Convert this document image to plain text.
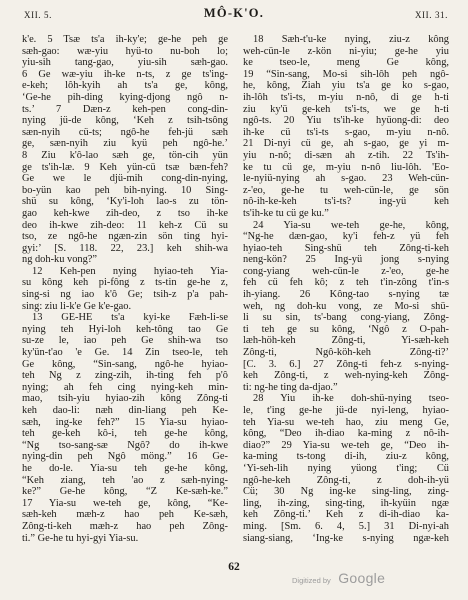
XII. 5.	MÔ-K'O.	XII. 31.
k'e. 5 Tsæ ts'a ih-ky'e; ge-he peh ge
sæh-gao: wæ-yiu hyü-to nu-boh lo;
yiu-sih tang-gao, yiu-sih sæh-gao.
6 Ge wæ-yiu ih-ke n-ts, z ge ts'ing-
e-keh; lôh-kyih ah ts'a ge, kông,
‘Ge-he pih-ding kying-djong ngô n-
ts.’ 7 Dæn-z keh-pen cong-din-
nying jü-de kông, ‘Keh z tsih-tsông
sæn-nyih cü-ts; ngô-he feh-jü sæh
ge, sæn-nyih ziu kyü peh ngô-he.’
8 Ziu k'ô-lao sæh ge, tön-cih yün
ge ts'ih-læ. 9 Keh yün-cü tsæ bæn-feh?
Ge we le djü-mih cong-din-nying,
bo-yün kao peh bih-nying. 10 Sing-
shü su kông, ‘Ky'i-loh lao-s zu tön-
gao keh-kwe zih-deo, z tso ih-ke
deo ih-kwe zih-deo: 11 keh-z Cü su
tso, ze ngô-he ngæn-zin sön ting hyi-
gyi:’ [S. 118. 22, 23.] keh shih-wa
ng doh-ku vong?”
12 Keh-pen nying hyiao-teh Yia-
su kông keh pi-fông z ts-tin ge-he z,
sing-si ng iao k'ô Ge; tsih-z p'a pah-
sing: ziu li-k'e Ge k'e-gao.
13 GE-HE ts'a kyi-ke Fæh-li-se
nying teh Hyi-loh keh-tông tao Ge
su-ze le, iao peh Ge shih-wa tso
ky'ün-t'ao 'e Ge. 14 Zin tseo-le, teh
Ge kông, “Sin-sang, ngô-he hyiao-
teh Ng z zing-zih, ih-ting feh p'ô
nying; ah feh cing nying-keh min-
mao, tsih-yiu hyiao-zih kông Zông-ti
keh dao-li: næh din-liang peh Ke-
sæh, ing-ke feh?” 15 Yia-su hyiao-
teh ge-keh kô-i, teh ge-he kông,
“Ng tso-sang-sæ Ngô? do ih-kwe
nying-din peh Ngô möng.” 16 Ge-
he do-le. Yia-su teh ge-he kông,
“Keh ziang, teh 'ao z sæh-nying-
ke?” Ge-he kông, “Z Ke-sæh-ke.”
17 Yia-su we-teh ge, kông, “Ke-
sæh-keh mæh-z hao peh Ke-sæh,
Zông-ti-keh mæh-z hao peh Zông-
ti.” Ge-he tu hyi-gyi Yia-su.
18 Sæh-t'u-ke nying, ziu-z kông
weh-cün-le z-kön ni-yiu; ge-he yiu
ke tseo-le, meng Ge kông,
19 “Sin-sang, Mo-si sih-lôh peh ngô-
he, kông, Ziah yiu ts'a ge ko s-gao,
ih-lôh ts'i-ts, m-yiu n-nô, di ge h-ti
ziu ky'ü ge-keh ts'i-ts, we ge h-ti
ngô-ts. 20 Yiu ts'ih-ke hyüong-di: deo
ih-ke cü ts'i-ts s-gao, m-yiu n-nô.
21 Di-nyi cü ge, ah s-gao, ge yi m-
yiu n-nô; di-sæn ah z-tih. 22 Ts'ih-
ke tu cü ge, m-yiu n-nô liu-lôh. 'Eo-
le-nyiü-nying ah s-gao. 23 Weh-cün-
z-'eo, ge-he tu weh-cün-le, ge sön
nô-ih-ke-keh ts'i-ts? ing-yü keh
ts'ih-ke tu cü ge ku.”
24 Yia-su we-teh ge-he, kông,
“Ng-he dæn-gao, ky'i feh-z yü feh
hyiao-teh Sing-shü teh Zông-ti-keh
neng-kön? 25 Ing-yü jong s-nying
cong-yiang weh-cün-le z-'eo, ge-he
feh cü feh kô; z teh t'in-zông t'in-s
ih-yiang. 26 Kông-tao s-nying tæ
weh, ng doh-ku vong, ze Mo-si shü-
li su sin, ts'-bang cong-yiang, Zông-
ti teh ge su kông, ‘Ngô z O-pah-
læh-höh-keh Zông-ti, Yi-sæh-keh
Zông-ti, Ngô-köh-keh Zông-ti?’
[C. 3. 6.] 27 Zông-ti feh-z s-nying-
keh Zông-ti, z weh-nying-keh Zông-
ti: ng-he ting da-djao.”
28 Yiu ih-ke doh-shü-nying tseo-
le, t'ing ge-he jü-de nyi-leng, hyiao-
teh Yia-su we-teh hao, ziu meng Ge,
kông, “Deo ih-diao ka-ming z nô-ih-
diao?” 29 Yia-su we-teh ge, “Deo ih-
ka-ming ts-tong di-ih, ziu-z kông,
‘Yi-seh-lih nying yüong t'ing; Cü
ngô-he-keh Zông-ti, z doh-ih-yü
Cü; 30 Ng ing-ke sing-ling, zing-
ling, ih-zing, sing-ting, ih-kyüin ngæ
keh Zông-ti.’ Keh z di-ih-diao ka-
ming. [Sm. 6. 4, 5.] 31 Di-nyi-ah
siang-siang, ‘Ing-ke s-nying ngæ-keh
62
Digitized by Google
